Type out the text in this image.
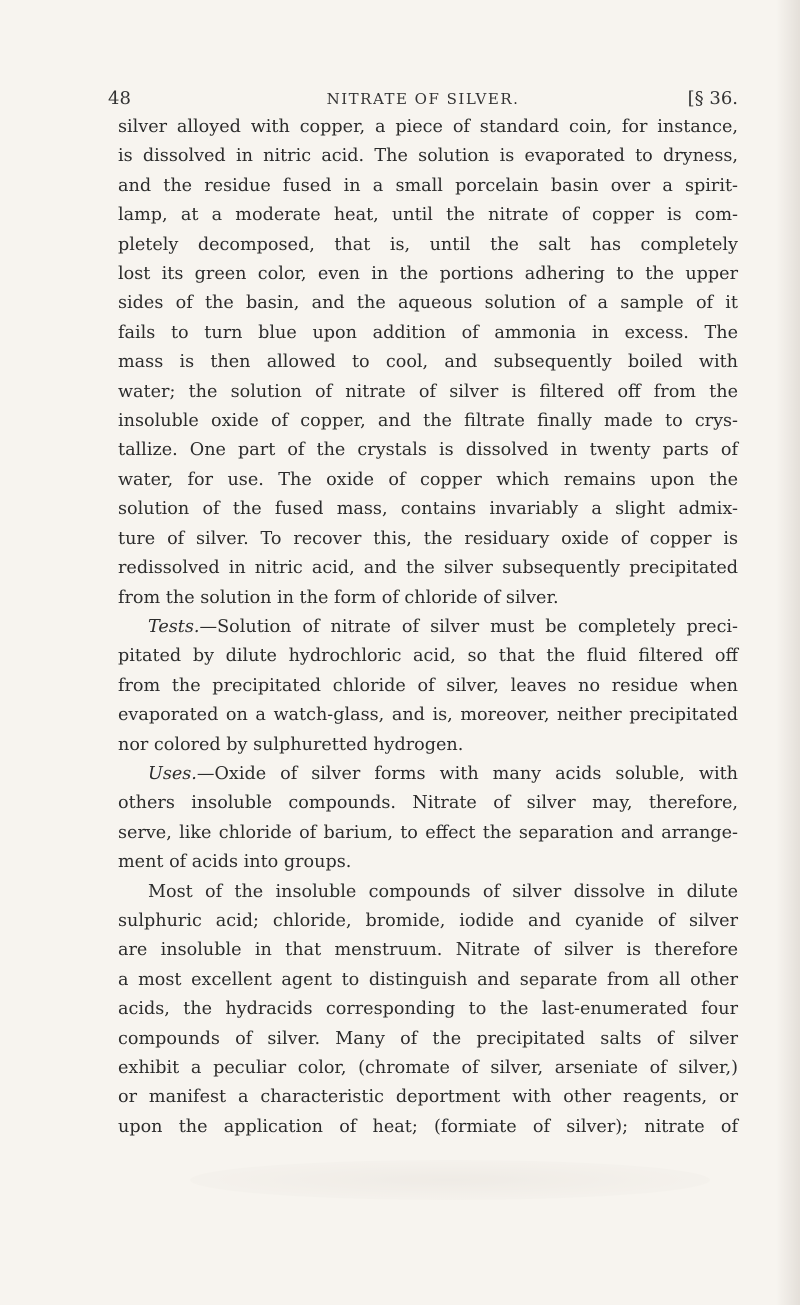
48	NITRATE OF SILVER.	[§ 36.
silver alloyed with copper, a piece of standard coin, for instance,
is dissolved in nitric acid. The solution is evaporated to dryness,
and the residue fused in a small porcelain basin over a spirit-
lamp, at a moderate heat, until the nitrate of copper is com-
pletely decomposed, that is, until the salt has completely
lost its green color, even in the portions adhering to the upper
sides of the basin, and the aqueous solution of a sample of it
fails to turn blue upon addition of ammonia in excess. The
mass is then allowed to cool, and subsequently boiled with
water; the solution of nitrate of silver is filtered off from the
insoluble oxide of copper, and the filtrate finally made to crys-
tallize. One part of the crystals is dissolved in twenty parts of
water, for use. The oxide of copper which remains upon the
solution of the fused mass, contains invariably a slight admix-
ture of silver. To recover this, the residuary oxide of copper is
redissolved in nitric acid, and the silver subsequently precipitated
from the solution in the form of chloride of silver.
Tests.—Solution of nitrate of silver must be completely preci-
pitated by dilute hydrochloric acid, so that the fluid filtered off
from the precipitated chloride of silver, leaves no residue when
evaporated on a watch-glass, and is, moreover, neither precipitated
nor colored by sulphuretted hydrogen.
Uses.—Oxide of silver forms with many acids soluble, with
others insoluble compounds. Nitrate of silver may, therefore,
serve, like chloride of barium, to effect the separation and arrange-
ment of acids into groups.
Most of the insoluble compounds of silver dissolve in dilute
sulphuric acid; chloride, bromide, iodide and cyanide of silver
are insoluble in that menstruum. Nitrate of silver is therefore
a most excellent agent to distinguish and separate from all other
acids, the hydracids corresponding to the last-enumerated four
compounds of silver. Many of the precipitated salts of silver
exhibit a peculiar color, (chromate of silver, arseniate of silver,)
or manifest a characteristic deportment with other reagents, or
upon the application of heat; (formiate of silver); nitrate of
